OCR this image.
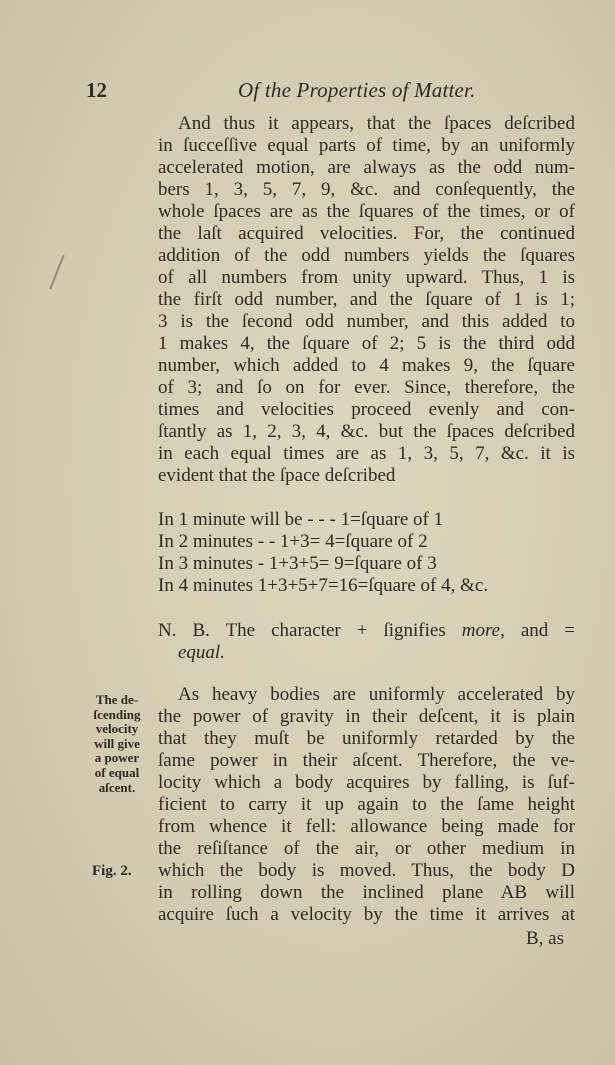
12	Of the Properties of Matter.
And thus it appears, that the ſpaces deſcribed
in ſucceſſive equal parts of time, by an uniformly
accelerated motion, are always as the odd num-
bers 1, 3, 5, 7, 9, &c. and conſequently, the
whole ſpaces are as the ſquares of the times, or of
the laſt acquired velocities. For, the continued
addition of the odd numbers yields the ſquares
of all numbers from unity upward. Thus, 1 is
the firſt odd number, and the ſquare of 1 is 1;
3 is the ſecond odd number, and this added to
1 makes 4, the ſquare of 2; 5 is the third odd
number, which added to 4 makes 9, the ſquare
of 3; and ſo on for ever. Since, therefore, the
times and velocities proceed evenly and con-
ſtantly as 1, 2, 3, 4, &c. but the ſpaces deſcribed
in each equal times are as 1, 3, 5, 7, &c. it is
evident that the ſpace deſcribed
In 1 minute will be - - - 1=ſquare of 1
In 2 minutes - - 1+3= 4=ſquare of 2
In 3 minutes - 1+3+5= 9=ſquare of 3
In 4 minutes 1+3+5+7=16=ſquare of 4, &c.
N. B. The character + ſignifies more, and =
equal.
The de-
ſcending
velocity
will give
a power
of equal
aſcent.
Fig. 2.
As heavy bodies are uniformly accelerated by
the power of gravity in their deſcent, it is plain
that they muſt be uniformly retarded by the
ſame power in their aſcent. Therefore, the ve-
locity which a body acquires by falling, is ſuf-
ficient to carry it up again to the ſame height
from whence it fell: allowance being made for
the reſiſtance of the air, or other medium in
which the body is moved. Thus, the body D
in rolling down the inclined plane AB will
acquire ſuch a velocity by the time it arrives at
B, as
